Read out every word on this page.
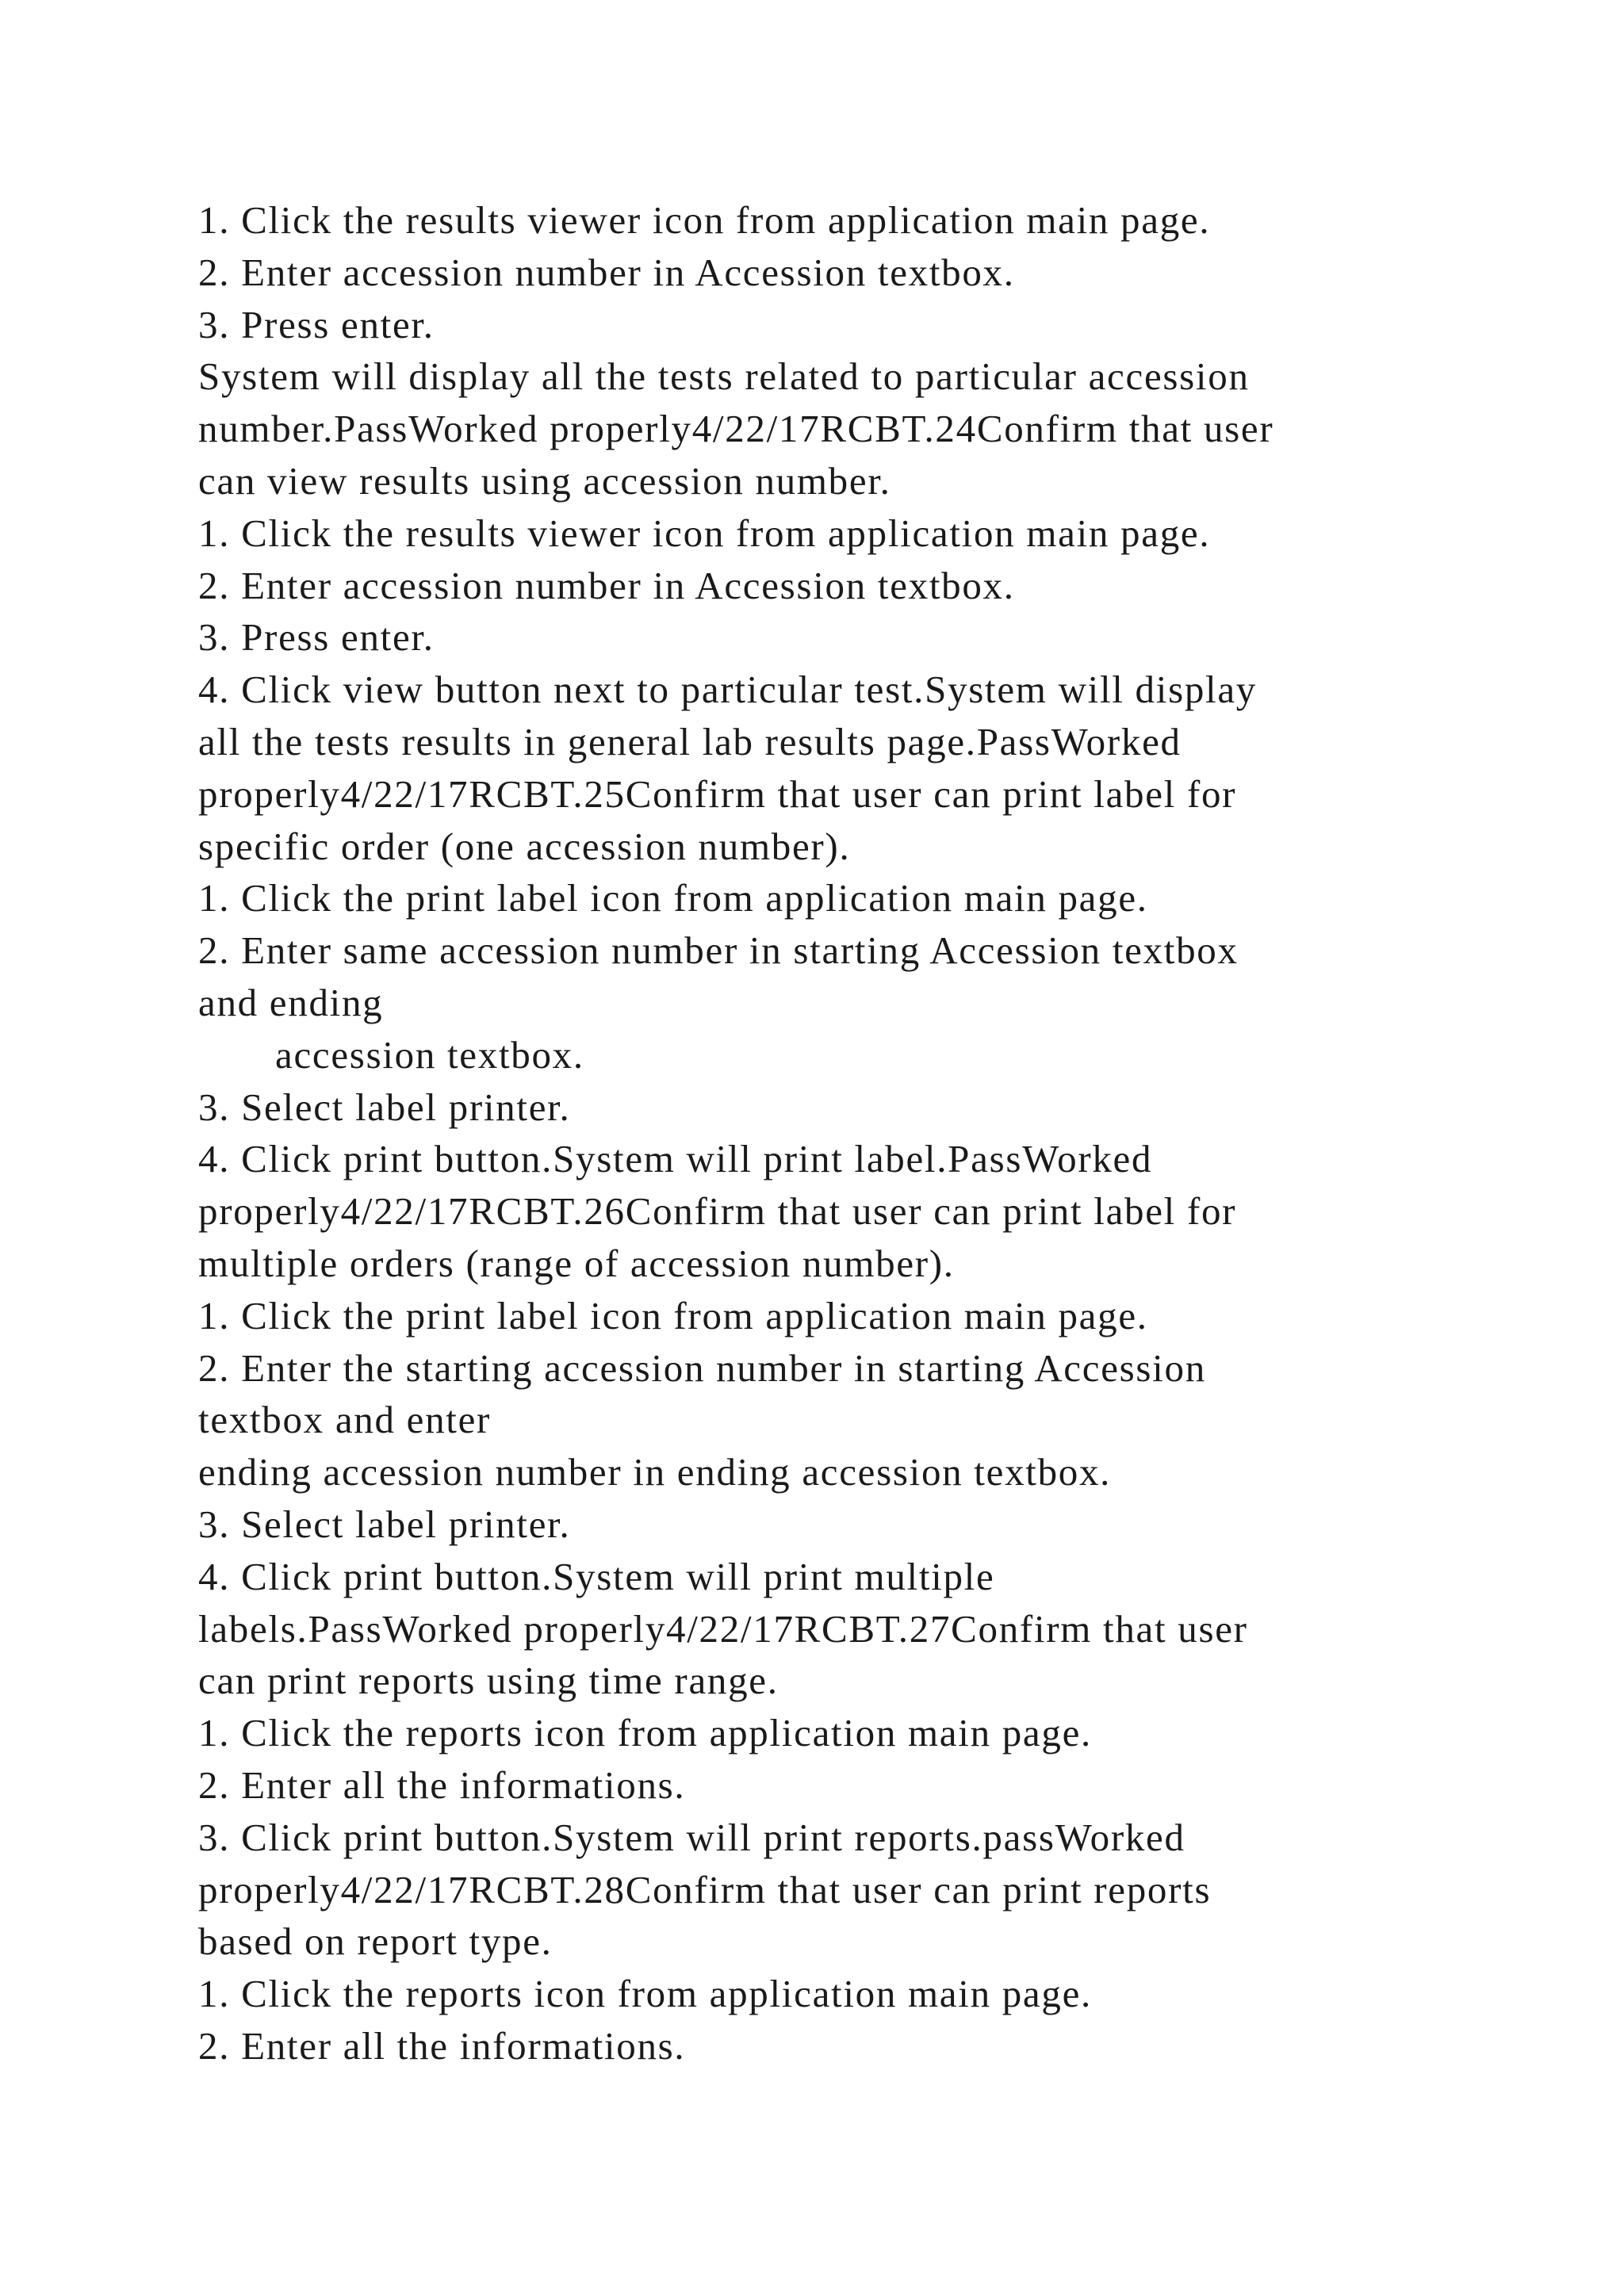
1. Click the results viewer icon from application main page.
2. Enter accession number in Accession textbox.
3. Press enter.
System will display all the tests related to particular accession
number.PassWorked properly4/22/17RCBT.24Confirm that user
can view results using accession number.
1. Click the results viewer icon from application main page.
2. Enter accession number in Accession textbox.
3. Press enter.
4. Click view button next to particular test.System will display
all the tests results in general lab results page.PassWorked
properly4/22/17RCBT.25Confirm that user can print label for
specific order (one accession number).
1. Click the print label icon from application main page.
2. Enter same accession number in starting Accession textbox
and ending
accession textbox.
3. Select label printer.
4. Click print button.System will print label.PassWorked
properly4/22/17RCBT.26Confirm that user can print label for
multiple orders (range of accession number).
1. Click the print label icon from application main page.
2. Enter the starting accession number in starting Accession
textbox and enter
ending accession number in ending accession textbox.
3. Select label printer.
4. Click print button.System will print multiple
labels.PassWorked properly4/22/17RCBT.27Confirm that user
can print reports using time range.
1. Click the reports icon from application main page.
2. Enter all the informations.
3. Click print button.System will print reports.passWorked
properly4/22/17RCBT.28Confirm that user can print reports
based on report type.
1. Click the reports icon from application main page.
2. Enter all the informations.
